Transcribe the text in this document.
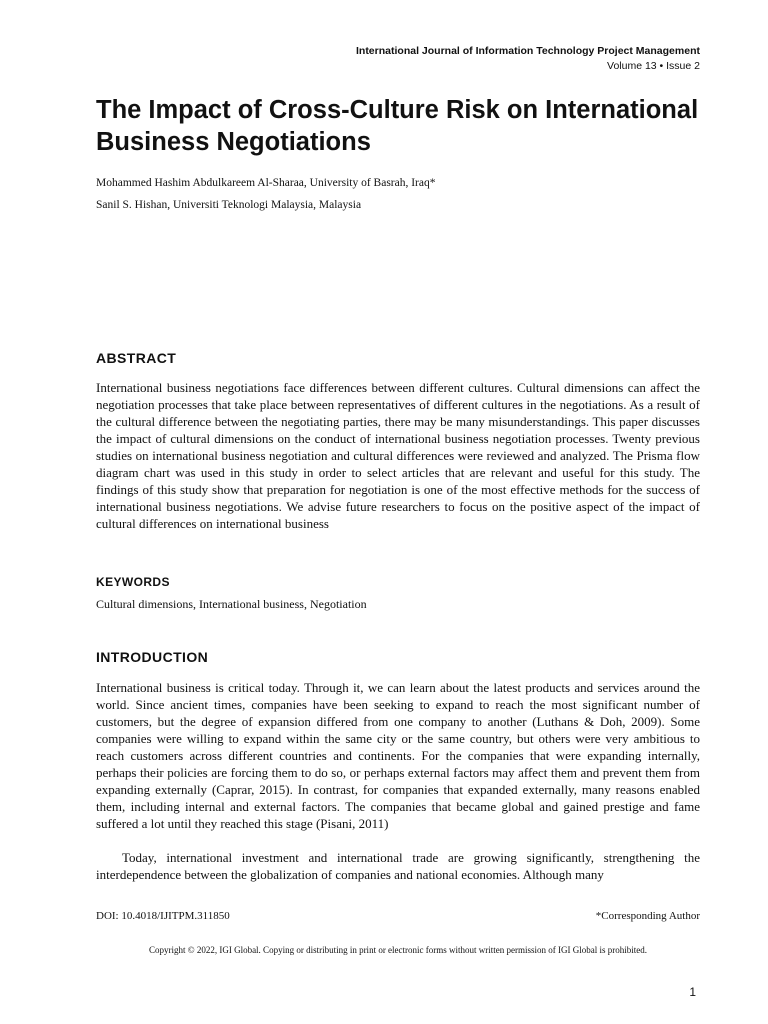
International Journal of Information Technology Project Management
Volume 13 • Issue 2
The Impact of Cross-Culture Risk on International Business Negotiations
Mohammed Hashim Abdulkareem Al-Sharaa, University of Basrah, Iraq*
Sanil S. Hishan, Universiti Teknologi Malaysia, Malaysia
ABSTRACT

International business negotiations face differences between different cultures. Cultural dimensions can affect the negotiation processes that take place between representatives of different cultures in the negotiations. As a result of the cultural difference between the negotiating parties, there may be many misunderstandings. This paper discusses the impact of cultural dimensions on the conduct of international business negotiation processes. Twenty previous studies on international business negotiation and cultural differences were reviewed and analyzed. The Prisma flow diagram chart was used in this study in order to select articles that are relevant and useful for this study. The findings of this study show that preparation for negotiation is one of the most effective methods for the success of international business negotiations. We advise future researchers to focus on the positive aspect of the impact of cultural differences on international business

KEYWORDS
Cultural dimensions, International business, Negotiation
INTRODUCTION

International business is critical today. Through it, we can learn about the latest products and services around the world. Since ancient times, companies have been seeking to expand to reach the most significant number of customers, but the degree of expansion differed from one company to another (Luthans & Doh, 2009). Some companies were willing to expand within the same city or the same country, but others were very ambitious to reach customers across different countries and continents. For the companies that were expanding internally, perhaps their policies are forcing them to do so, or perhaps external factors may affect them and prevent them from expanding externally (Caprar, 2015). In contrast, for companies that expanded externally, many reasons enabled them, including internal and external factors. The companies that became global and gained prestige and fame suffered a lot until they reached this stage (Pisani, 2011)

Today, international investment and international trade are growing significantly, strengthening the interdependence between the globalization of companies and national economies. Although many

DOI: 10.4018/IJITPM.311850	*Corresponding Author
Copyright © 2022, IGI Global. Copying or distributing in print or electronic forms without written permission of IGI Global is prohibited.
1
